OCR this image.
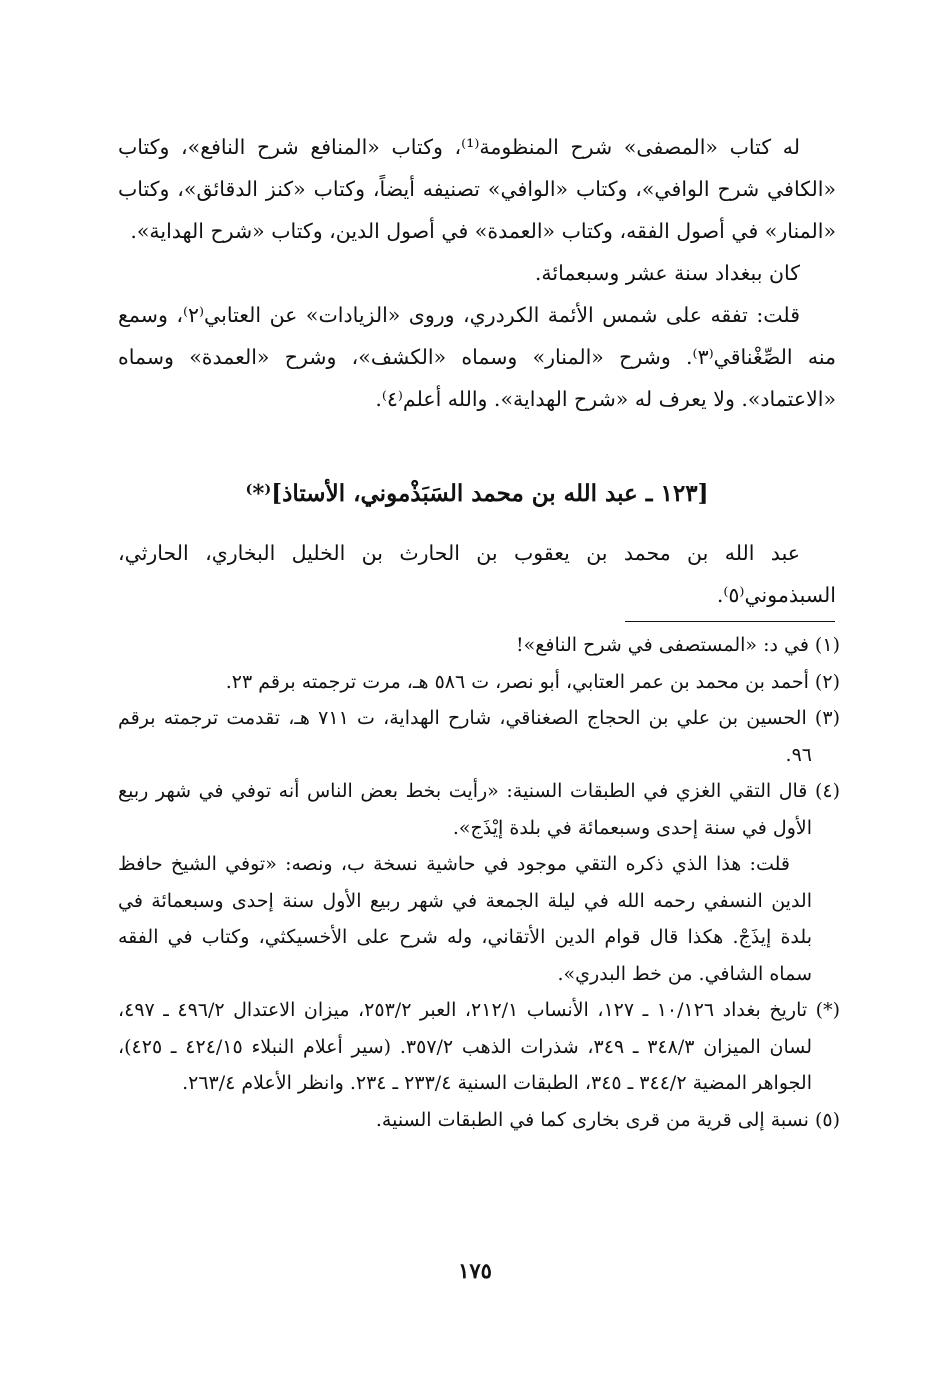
له كتاب «المصفى» شرح المنظومة⁽¹⁾، وكتاب «المنافع شرح النافع»، وكتاب «الكافي شرح الوافي»، وكتاب «الوافي» تصنيفه أيضاً، وكتاب «كنز الدقائق»، وكتاب «المنار» في أصول الفقه، وكتاب «العمدة» في أصول الدين، وكتاب «شرح الهداية».

كان ببغداد سنة عشر وسبعمائة.

قلت: تفقه على شمس الأئمة الكردري، وروى «الزيادات» عن العتابي⁽٢⁾، وسمع منه الصِّغْناقي⁽٣⁾. وشرح «المنار» وسماه «الكشف»، وشرح «العمدة» وسماه «الاعتماد». ولا يعرف له «شرح الهداية». والله أعلم⁽٤⁾.

[١٢٣ ـ عبد الله بن محمد السَبَذْموني، الأستاذ]⁽*⁾

عبد الله بن محمد بن يعقوب بن الحارث بن الخليل البخاري، الحارثي، السبذموني⁽٥⁾.

(١) في د: «المستصفى في شرح النافع»!

(٢) أحمد بن محمد بن عمر العتابي، أبو نصر، ت ٥٨٦ هـ، مرت ترجمته برقم ٢٣.

(٣) الحسين بن علي بن الحجاج الصغناقي، شارح الهداية، ت ٧١١ هـ، تقدمت ترجمته برقم ٩٦.

(٤) قال التقي الغزي في الطبقات السنية: «رأيت بخط بعض الناس أنه توفي في شهر ربيع الأول في سنة إحدى وسبعمائة في بلدة إيْذَج».

قلت: هذا الذي ذكره التقي موجود في حاشية نسخة ب، ونصه: «توفي الشيخ حافظ الدين النسفي رحمه الله في ليلة الجمعة في شهر ربيع الأول سنة إحدى وسبعمائة في بلدة إيذَجْ. هكذا قال قوام الدين الأتقاني، وله شرح على الأخسيكثي، وكتاب في الفقه سماه الشافي. من خط البدري».

(*) تاريخ بغداد ١٠/١٢٦ ـ ١٢٧، الأنساب ٢١٢/١، العبر ٢٥٣/٢، ميزان الاعتدال ٤٩٦/٢ ـ ٤٩٧، لسان الميزان ٣٤٨/٣ ـ ٣٤٩، شذرات الذهب ٣٥٧/٢. (سير أعلام النبلاء ٤٢٤/١٥ ـ ٤٢٥)، الجواهر المضية ٣٤٤/٢ ـ ٣٤٥، الطبقات السنية ٢٣٣/٤ ـ ٢٣٤. وانظر الأعلام ٢٦٣/٤.

(٥) نسبة إلى قرية من قرى بخارى كما في الطبقات السنية.

١٧٥
